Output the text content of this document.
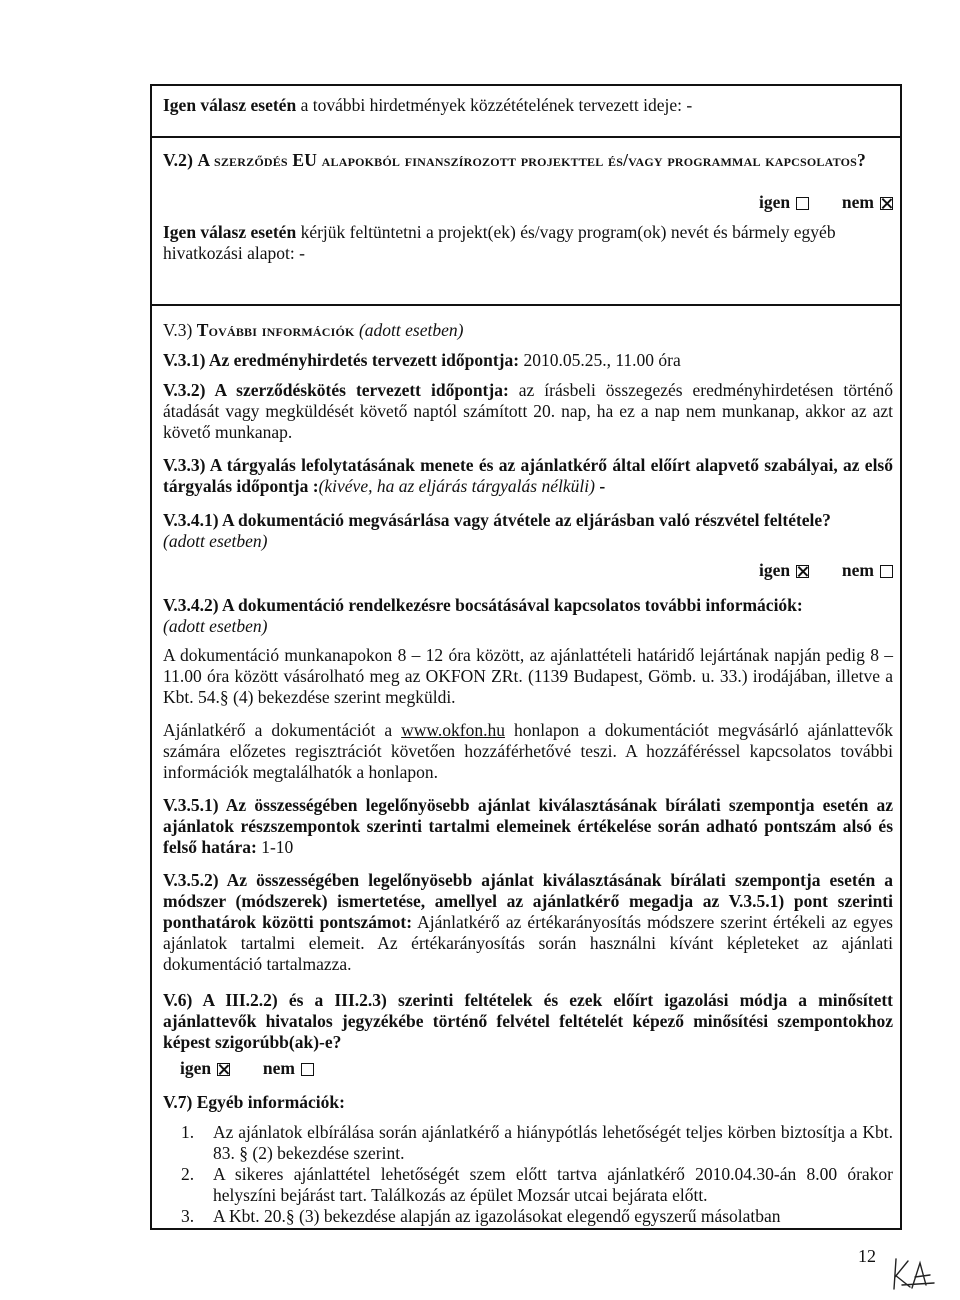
Igen válasz esetén a további hirdetmények közzétételének tervezett ideje: -

V.2) A szerződés EU alapokból finanszírozott projekttel és/vagy programmal kapcsolatos?

igen	nem

Igen válasz esetén kérjük feltüntetni a projekt(ek) és/vagy program(ok) nevét és bármely egyéb hivatkozási alapot: -

V.3) További információk (adott esetben)

V.3.1) Az eredményhirdetés tervezett időpontja: 2010.05.25., 11.00 óra

V.3.2) A szerződéskötés tervezett időpontja: az írásbeli összegezés eredményhirdetésen történő átadását vagy megküldését követő naptól számított 20. nap, ha ez a nap nem munkanap, akkor az azt követő munkanap.

V.3.3) A tárgyalás lefolytatásának menete és az ajánlatkérő által előírt alapvető szabályai, az első tárgyalás időpontja :(kivéve, ha az eljárás tárgyalás nélküli) -

V.3.4.1) A dokumentáció megvásárlása vagy átvétele az eljárásban való részvétel feltétele?
(adott esetben)

igen	nem

V.3.4.2) A dokumentáció rendelkezésre bocsátásával kapcsolatos további információk:
(adott esetben)

A dokumentáció munkanapokon 8 – 12 óra között, az ajánlattételi határidő lejártának napján pedig 8 – 11.00 óra között vásárolható meg az OKFON ZRt. (1139 Budapest, Gömb. u. 33.) irodájában, illetve a Kbt. 54.§ (4) bekezdése szerint megküldi.

Ajánlatkérő a dokumentációt a www.okfon.hu honlapon a dokumentációt megvásárló ajánlattevők számára előzetes regisztrációt követően hozzáférhetővé teszi. A hozzáféréssel kapcsolatos további információk megtalálhatók a honlapon.

V.3.5.1) Az összességében legelőnyösebb ajánlat kiválasztásának bírálati szempontja esetén az ajánlatok részszempontok szerinti tartalmi elemeinek értékelése során adható pontszám alsó és felső határa: 1-10

V.3.5.2) Az összességében legelőnyösebb ajánlat kiválasztásának bírálati szempontja esetén a módszer (módszerek) ismertetése, amellyel az ajánlatkérő megadja az V.3.5.1) pont szerinti ponthatárok közötti pontszámot: Ajánlatkérő az értékarányosítás módszere szerint értékeli az egyes ajánlatok tartalmi elemeit. Az értékarányosítás során használni kívánt képleteket az ajánlati dokumentáció tartalmazza.

V.6) A III.2.2) és a III.2.3) szerinti feltételek és ezek előírt igazolási módja a minősített ajánlattevők hivatalos jegyzékébe történő felvétel feltételét képező minősítési szempontokhoz képest szigorúbb(ak)-e?

igen	nem

V.7) Egyéb információk:

1. Az ajánlatok elbírálása során ajánlatkérő a hiánypótlás lehetőségét teljes körben biztosítja a Kbt. 83. § (2) bekezdése szerint.
2. A sikeres ajánlattétel lehetőségét szem előtt tartva ajánlatkérő 2010.04.30-án 8.00 órakor helyszíni bejárást tart. Találkozás az épület Mozsár utcai bejárata előtt.
3. A Kbt. 20.§ (3) bekezdése alapján az igazolásokat elegendő egyszerű másolatban
12
